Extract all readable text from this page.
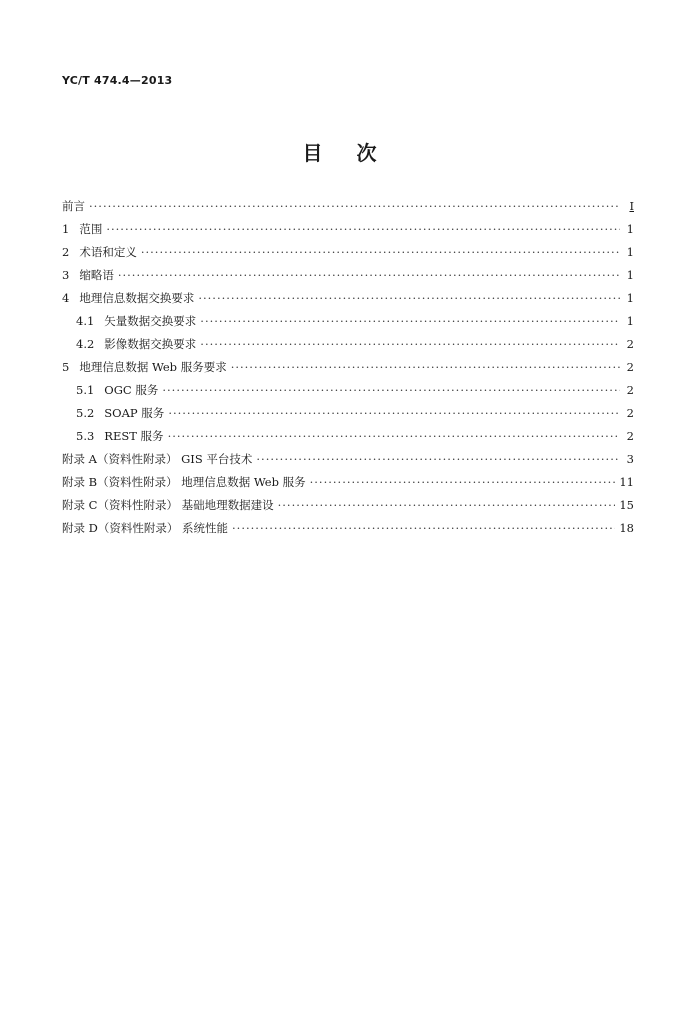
YC/T 474.4—2013
目 次
前言 ·····	I
1 范围 ·····	1
2 术语和定义 ·····	1
3 缩略语 ·····	1
4 地理信息数据交换要求 ·····	1
4.1 矢量数据交换要求 ·····	1
4.2 影像数据交换要求 ·····	2
5 地理信息数据 Web 服务要求 ·····	2
5.1 OGC 服务 ·····	2
5.2 SOAP 服务 ·····	2
5.3 REST 服务 ·····	2
附录 A（资料性附录） GIS 平台技术 ·····	3
附录 B（资料性附录） 地理信息数据 Web 服务 ·····	11
附录 C（资料性附录） 基础地理数据建设 ·····	15
附录 D（资料性附录） 系统性能 ·····	18
